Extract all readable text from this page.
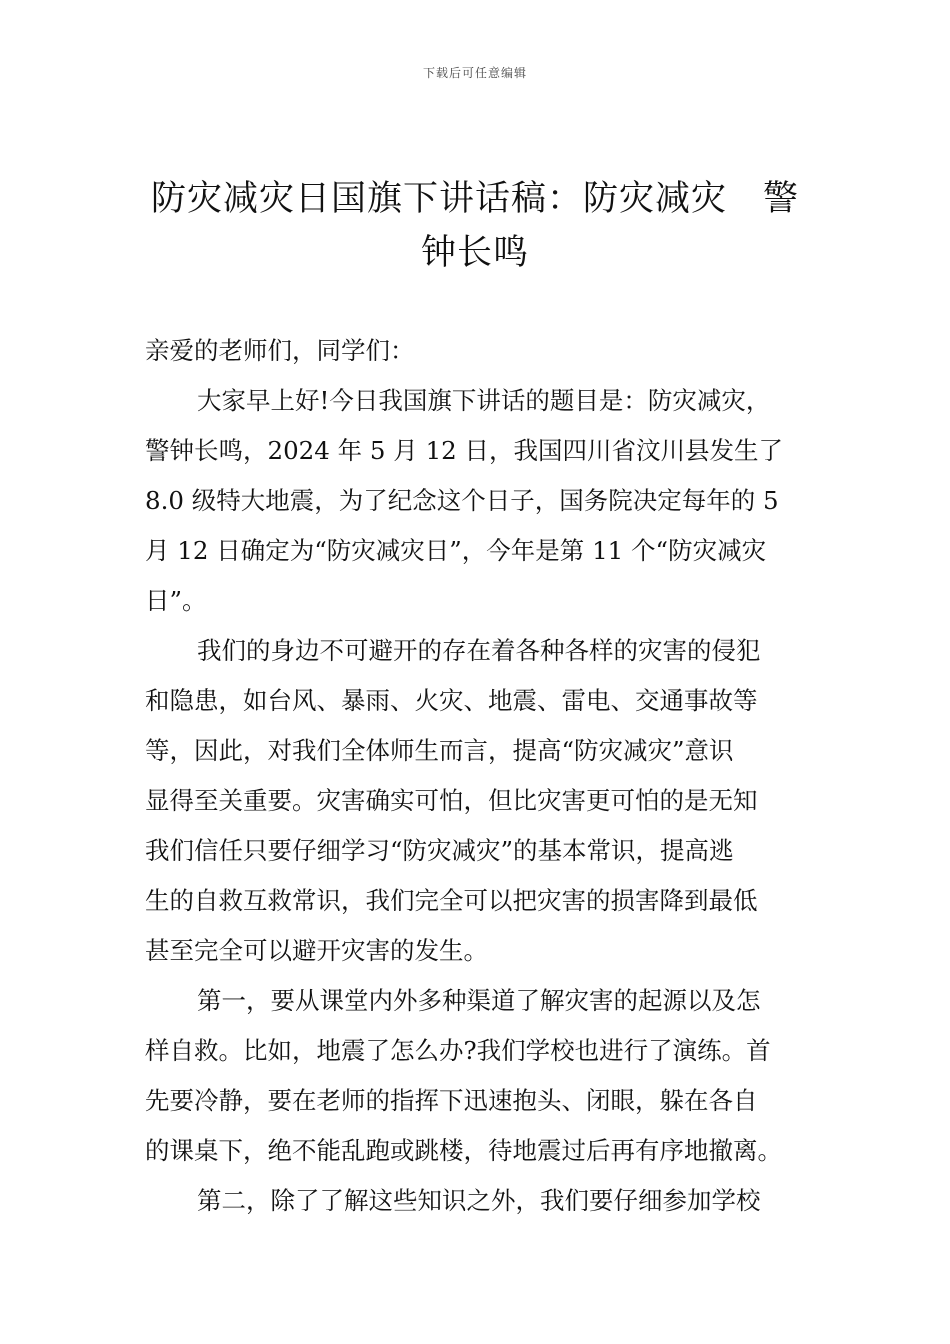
下载后可任意编辑
防灾减灾日国旗下讲话稿：防灾减灾　警
钟长鸣
亲爱的老师们，同学们：
大家早上好!今日我国旗下讲话的题目是：防灾减灾，
警钟长鸣，2024 年 5 月 12 日，我国四川省汶川县发生了
8.0 级特大地震，为了纪念这个日子，国务院决定每年的 5
月 12 日确定为“防灾减灾日”，今年是第 11 个“防灾减灾
日”。
我们的身边不可避开的存在着各种各样的灾害的侵犯
和隐患，如台风、暴雨、火灾、地震、雷电、交通事故等
等，因此，对我们全体师生而言，提高“防灾减灾”意识
显得至关重要。灾害确实可怕，但比灾害更可怕的是无知
我们信任只要仔细学习“防灾减灾”的基本常识，提高逃
生的自救互救常识，我们完全可以把灾害的损害降到最低
甚至完全可以避开灾害的发生。
第一，要从课堂内外多种渠道了解灾害的起源以及怎
样自救。比如，地震了怎么办?我们学校也进行了演练。首
先要冷静，要在老师的指挥下迅速抱头、闭眼，躲在各自
的课桌下，绝不能乱跑或跳楼，待地震过后再有序地撤离。
第二，除了了解这些知识之外，我们要仔细参加学校
